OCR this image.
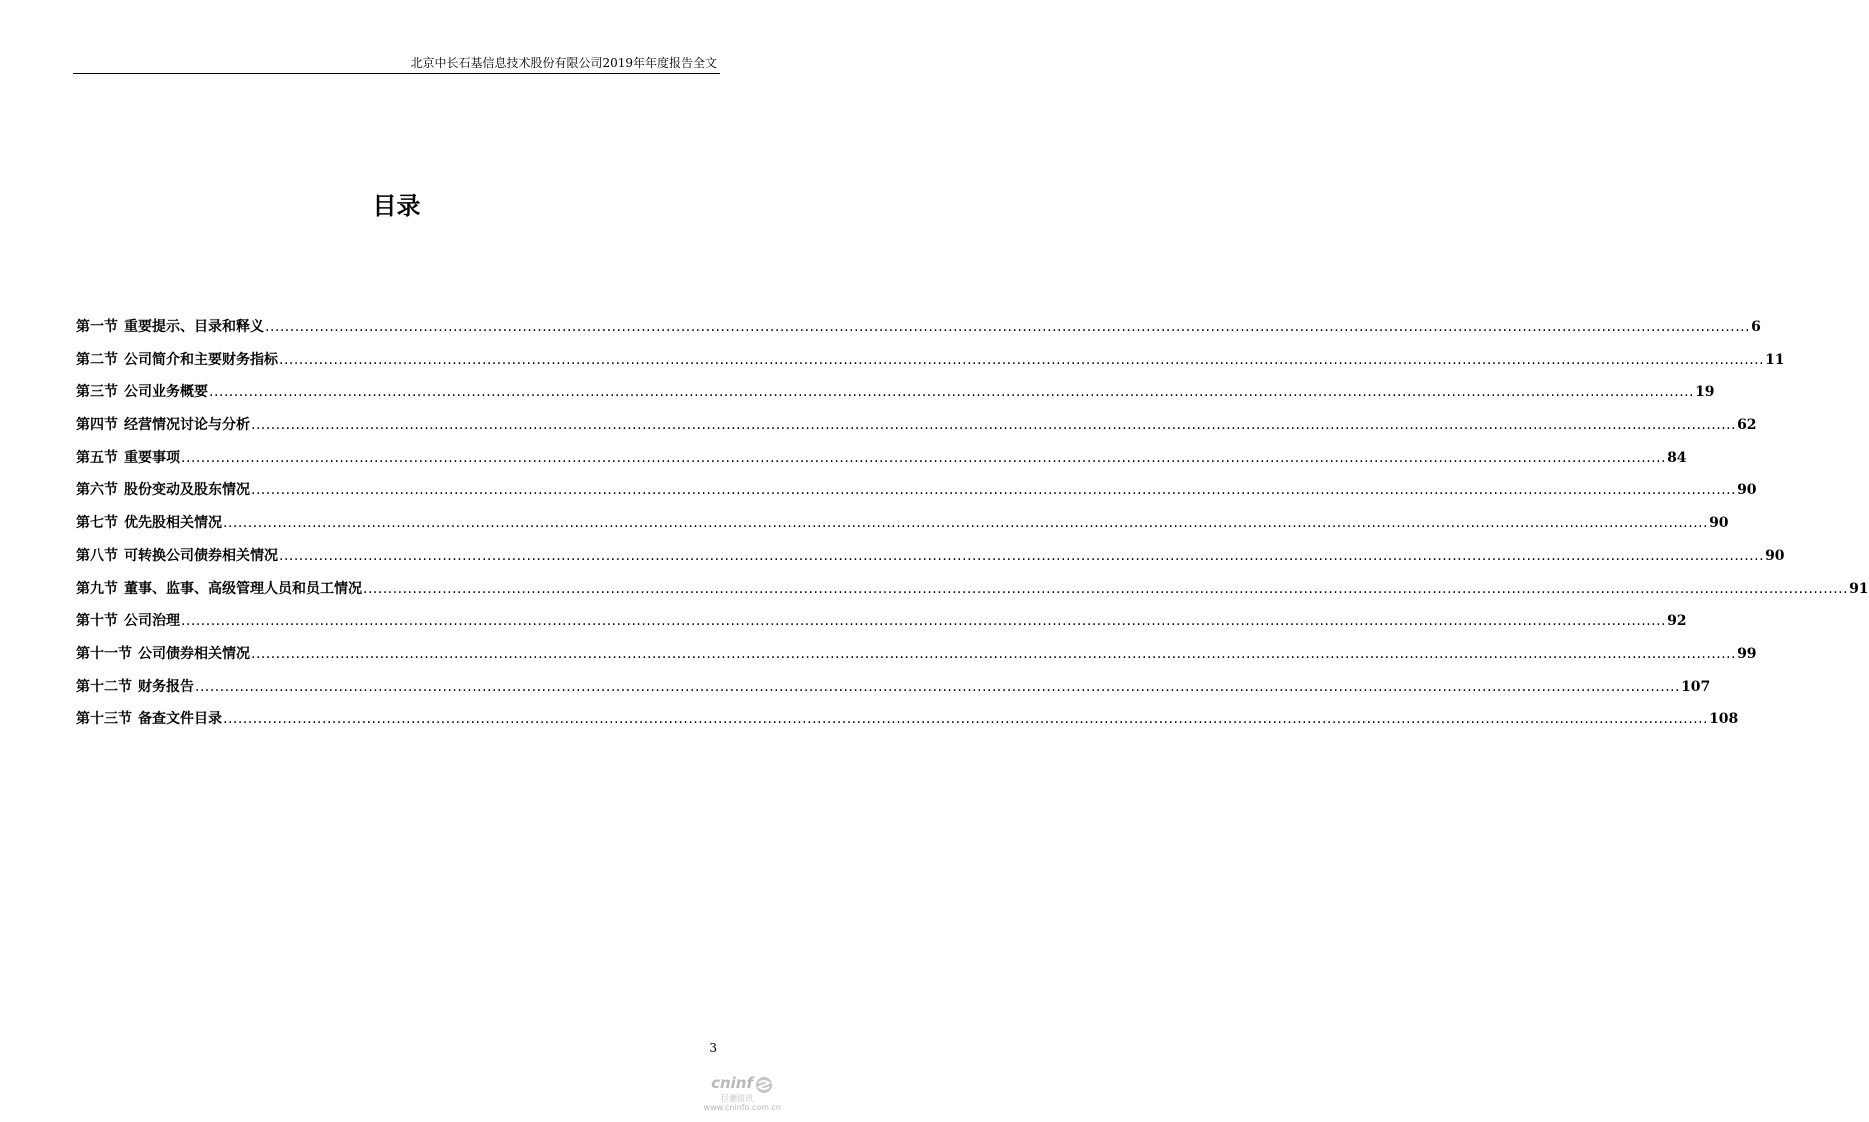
北京中长石基信息技术股份有限公司2019年年度报告全文
目录
第一节 重要提示、目录和释义 ............................................................................................................................................................................................................................................................................................................ 6
第二节 公司简介和主要财务指标 ............................................................................................................................................................................................................................................................................................................ 11
第三节 公司业务概要 ............................................................................................................................................................................................................................................................................................................ 19
第四节 经营情况讨论与分析 ............................................................................................................................................................................................................................................................................................................ 62
第五节 重要事项 ............................................................................................................................................................................................................................................................................................................ 84
第六节 股份变动及股东情况 ............................................................................................................................................................................................................................................................................................................ 90
第七节 优先股相关情况 ............................................................................................................................................................................................................................................................................................................ 90
第八节 可转换公司债券相关情况 ............................................................................................................................................................................................................................................................................................................ 90
第九节 董事、监事、高级管理人员和员工情况 ............................................................................................................................................................................................................................................................................................................ 91
第十节 公司治理 ............................................................................................................................................................................................................................................................................................................ 92
第十一节 公司债券相关情况 ............................................................................................................................................................................................................................................................................................................ 99
第十二节 财务报告 ............................................................................................................................................................................................................................................................................................................ 107
第十三节 备查文件目录 ............................................................................................................................................................................................................................................................................................................ 108
3
cninf
巨潮资讯
www.cninfo.com.cn
